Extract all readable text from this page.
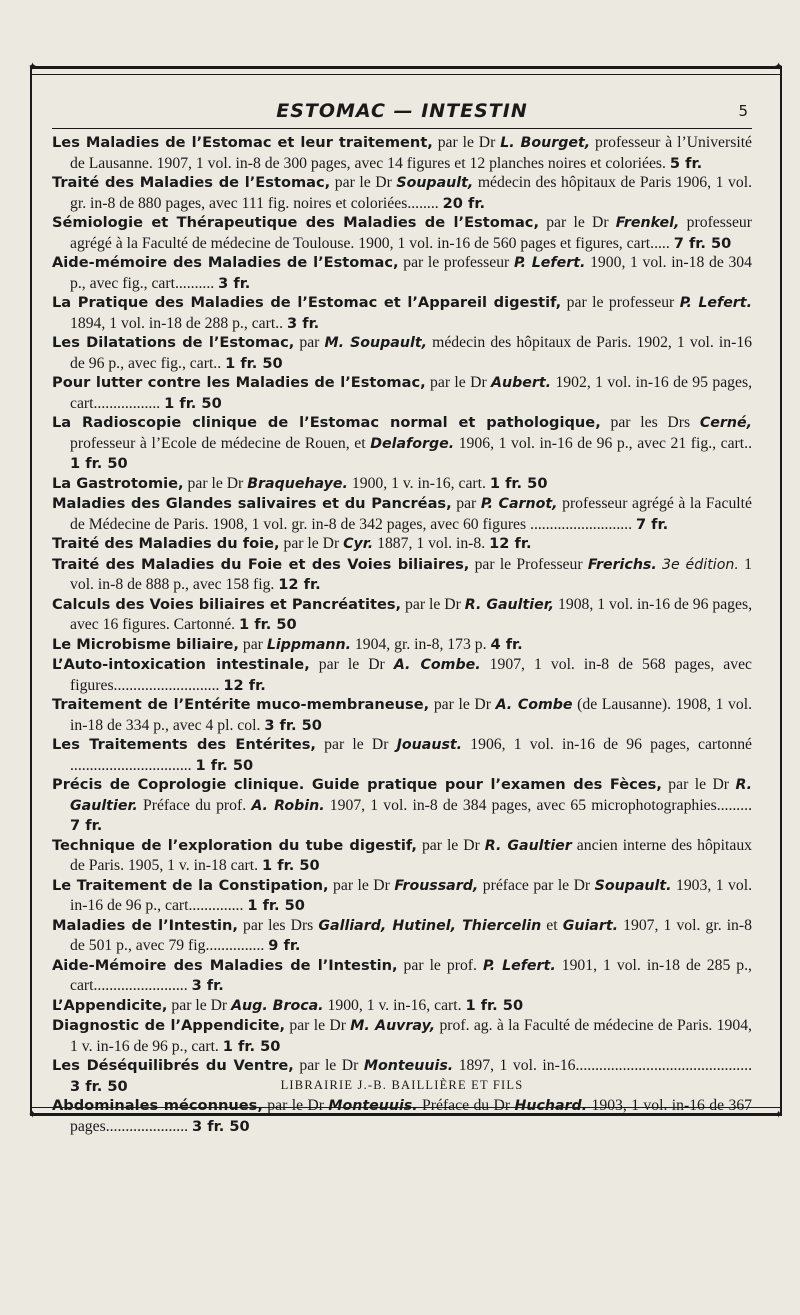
✦	✦
✦	✦
ESTOMAC — INTESTIN	5

Les Maladies de l’Estomac et leur traitement, par le Dr L. Bourget, professeur à l’Université de Lausanne. 1907, 1 vol. in-8 de 300 pages, avec 14 figures et 12 planches noires et coloriées. 5 fr.

Traité des Maladies de l’Estomac, par le Dr Soupault, médecin des hôpitaux de Paris 1906, 1 vol. gr. in-8 de 880 pages, avec 111 fig. noires et coloriées........ 20 fr.

Sémiologie et Thérapeutique des Maladies de l’Estomac, par le Dr Frenkel, professeur agrégé à la Faculté de médecine de Toulouse. 1900, 1 vol. in-16 de 560 pages et figures, cart..... 7 fr. 50

Aide-mémoire des Maladies de l’Estomac, par le professeur P. Lefert. 1900, 1 vol. in-18 de 304 p., avec fig., cart.......... 3 fr.

La Pratique des Maladies de l’Estomac et l’Appareil digestif, par le professeur P. Lefert. 1894, 1 vol. in-18 de 288 p., cart.. 3 fr.

Les Dilatations de l’Estomac, par M. Soupault, médecin des hôpitaux de Paris. 1902, 1 vol. in-16 de 96 p., avec fig., cart.. 1 fr. 50

Pour lutter contre les Maladies de l’Estomac, par le Dr Aubert. 1902, 1 vol. in-16 de 95 pages, cart................. 1 fr. 50

La Radioscopie clinique de l’Estomac normal et pathologique, par les Drs Cerné, professeur à l’Ecole de médecine de Rouen, et Delaforge. 1906, 1 vol. in-16 de 96 p., avec 21 fig., cart.. 1 fr. 50

La Gastrotomie, par le Dr Braquehaye. 1900, 1 v. in-16, cart. 1 fr. 50

Maladies des Glandes salivaires et du Pancréas, par P. Carnot, professeur agrégé à la Faculté de Médecine de Paris. 1908, 1 vol. gr. in-8 de 342 pages, avec 60 figures .......................... 7 fr.

Traité des Maladies du foie, par le Dr Cyr. 1887, 1 vol. in-8. 12 fr.

Traité des Maladies du Foie et des Voies biliaires, par le Professeur Frerichs. 3e édition. 1 vol. in-8 de 888 p., avec 158 fig. 12 fr.

Calculs des Voies biliaires et Pancréatites, par le Dr R. Gaultier, 1908, 1 vol. in-16 de 96 pages, avec 16 figures. Cartonné. 1 fr. 50

Le Microbisme biliaire, par Lippmann. 1904, gr. in-8, 173 p. 4 fr.

L’Auto-intoxication intestinale, par le Dr A. Combe. 1907, 1 vol. in-8 de 568 pages, avec figures........................... 12 fr.

Traitement de l’Entérite muco-membraneuse, par le Dr A. Combe (de Lausanne). 1908, 1 vol. in-18 de 334 p., avec 4 pl. col. 3 fr. 50

Les Traitements des Entérites, par le Dr Jouaust. 1906, 1 vol. in-16 de 96 pages, cartonné ............................... 1 fr. 50

Précis de Coprologie clinique. Guide pratique pour l’examen des Fèces, par le Dr R. Gaultier. Préface du prof. A. Robin. 1907, 1 vol. in-8 de 384 pages, avec 65 microphotographies......... 7 fr.

Technique de l’exploration du tube digestif, par le Dr R. Gaultier ancien interne des hôpitaux de Paris. 1905, 1 v. in-18 cart. 1 fr. 50

Le Traitement de la Constipation, par le Dr Froussard, préface par le Dr Soupault. 1903, 1 vol. in-16 de 96 p., cart.............. 1 fr. 50

Maladies de l’Intestin, par les Drs Galliard, Hutinel, Thiercelin et Guiart. 1907, 1 vol. gr. in-8 de 501 p., avec 79 fig............... 9 fr.

Aide-Mémoire des Maladies de l’Intestin, par le prof. P. Lefert. 1901, 1 vol. in-18 de 285 p., cart........................ 3 fr.

L’Appendicite, par le Dr Aug. Broca. 1900, 1 v. in-16, cart. 1 fr. 50

Diagnostic de l’Appendicite, par le Dr M. Auvray, prof. ag. à la Faculté de médecine de Paris. 1904, 1 v. in-16 de 96 p., cart. 1 fr. 50

Les Déséquilibrés du Ventre, par le Dr Monteuuis. 1897, 1 vol. in-16............................................. 3 fr. 50

Abdominales méconnues, par le Dr Monteuuis. Préface du Dr Huchard. 1903, 1 vol. in-16 de 367 pages..................... 3 fr. 50

LIBRAIRIE J.-B. BAILLIÈRE ET FILS
